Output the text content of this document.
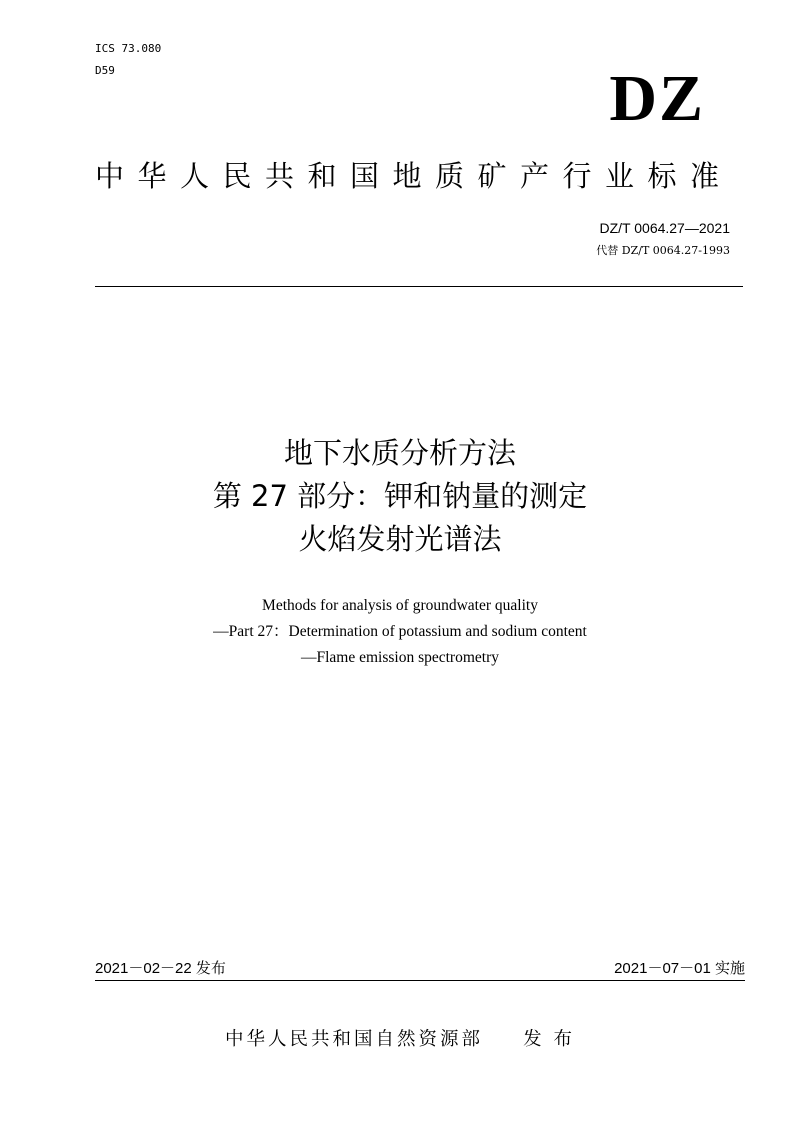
ICS 73.080
D59	DZ
中华人民共和国地质矿产行业标准
DZ/T 0064.27—2021
代替 DZ/T 0064.27-1993
地下水质分析方法
第 27 部分：钾和钠量的测定
火焰发射光谱法
Methods for analysis of groundwater quality
—Part 27：Determination of potassium and sodium content
—Flame emission spectrometry
2021－02－22 发布	2021－07－01 实施
中华人民共和国自然资源部 发 布
